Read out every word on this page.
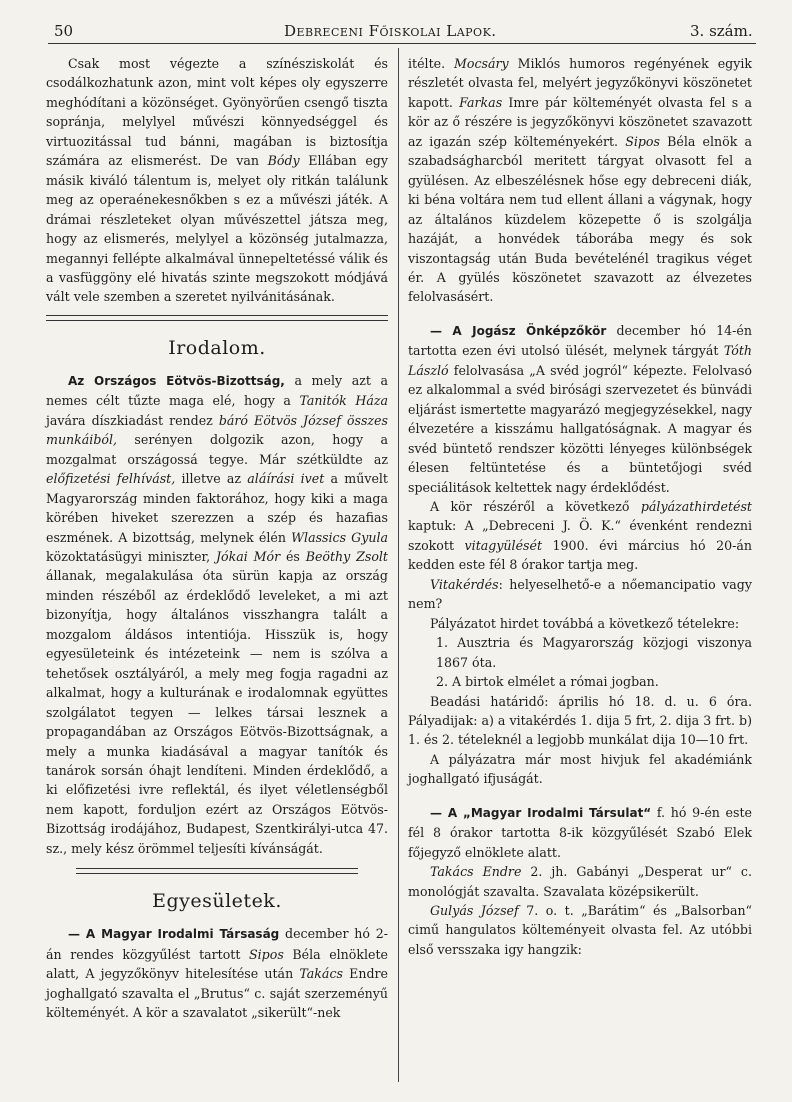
50	Debreceni Főiskolai Lapok.	3. szám.

Csak most végezte a színésziskolát és csodálkozhatunk azon, mint volt képes oly egyszerre meghódítani a közönséget. Gyönyörűen csengő tiszta sopránja, melylyel művészi könnyedséggel és virtuozitással tud bánni, magában is biztosítja számára az elismerést. De van Bódy Ellában egy másik kiváló tálentum is, melyet oly ritkán találunk meg az operaénekesnőkben s ez a művészi játék. A drámai részleteket olyan művészettel játsza meg, hogy az elismerés, melylyel a közönség jutalmazza, megannyi fellépte alkalmával ünnepeltetéssé válik és a vasfüggöny elé hivatás szinte megszokott módjává vált vele szemben a szeretet nyilvánitásának.

Irodalom.

Az Országos Eötvös-Bizottság, a mely azt a nemes célt tűzte maga elé, hogy a Tanitók Háza javára díszkiadást rendez báró Eötvös József összes munkáiból, serényen dolgozik azon, hogy a mozgalmat országossá tegye. Már szétküldte az előfizetési felhívást, illetve az aláírási ivet a művelt Magyarország minden faktorához, hogy kiki a maga körében hiveket szerezzen a szép és hazafias eszmének. A bizottság, melynek élén Wlassics Gyula közoktatásügyi miniszter, Jókai Mór és Beöthy Zsolt állanak, megalakulása óta sürün kapja az ország minden részéből az érdeklődő leveleket, a mi azt bizonyítja, hogy általános visszhangra talált a mozgalom áldásos intentiója. Hisszük is, hogy egyesületeink és intézeteink — nem is szólva a tehetősek osztályáról, a mely meg fogja ragadni az alkalmat, hogy a kulturának e irodalomnak együttes szolgálatot tegyen — lelkes társai lesznek a propagandában az Országos Eötvös-Bizottságnak, a mely a munka kiadásával a magyar tanítók és tanárok sorsán óhajt lendíteni. Minden érdeklődő, a ki előfizetési ivre reflektál, és ilyet véletlenségből nem kapott, forduljon ezért az Országos Eötvös-Bizottság irodájához, Budapest, Szentkirályi-utca 47. sz., mely kész örömmel teljesíti kívánságát.

Egyesületek.

— A Magyar Irodalmi Társaság december hó 2-án rendes közgyűlést tartott Sipos Béla elnöklete alatt, A jegyzőkönyv hitelesítése után Takács Endre joghallgató szavalta el „Brutus“ c. saját szerzeményű költeményét. A kör a szavalatot „sikerült“-nek

itélte. Mocsáry Miklós humoros regényének egyik részletét olvasta fel, melyért jegyzőkönyvi köszönetet kapott. Farkas Imre pár költeményét olvasta fel s a kör az ő részére is jegyzőkönyvi köszönetet szavazott az igazán szép költeményekért. Sipos Béla elnök a szabadságharcból meritett tárgyat olvasott fel a gyülésen. Az elbeszélésnek hőse egy debreceni diák, ki béna voltára nem tud ellent állani a vágynak, hogy az általános küzdelem közepette ő is szolgálja hazáját, a honvédek táborába megy és sok viszontagság után Buda bevételénél tragikus véget ér. A gyülés köszönetet szavazott az élvezetes felolvasásért.

— A Jogász Önképzőkör december hó 14-én tartotta ezen évi utolsó ülését, melynek tárgyát Tóth László felolvasása „A svéd jogról“ képezte. Felolvasó ez alkalommal a svéd birósági szervezetet és bünvádi eljárást ismertette magyarázó megjegyzésekkel, nagy élvezetére a kisszámu hallgatóságnak. A magyar és svéd büntető rendszer közötti lényeges különbségek élesen feltüntetése és a büntetőjogi svéd speciálitások keltettek nagy érdeklődést.

A kör részéről a következő pályázathirdetést kaptuk: A „Debreceni J. Ö. K.“ évenként rendezni szokott vitagyülését 1900. évi március hó 20-án kedden este fél 8 órakor tartja meg.

Vitakérdés: helyeselhető-e a nőemancipatio vagy nem?

Pályázatot hirdet továbbá a következő tételekre:

1. Ausztria és Magyarország közjogi viszonya 1867 óta.

2. A birtok elmélet a római jogban.

Beadási határidő: április hó 18. d. u. 6 óra. Pályadijak: a) a vitakérdés 1. dija 5 frt, 2. dija 3 frt. b) 1. és 2. tételeknél a legjobb munkálat dija 10—10 frt.

A pályázatra már most hivjuk fel akadémiánk joghallgató ifjuságát.

— A „Magyar Irodalmi Társulat“ f. hó 9-én este fél 8 órakor tartotta 8-ik közgyűlését Szabó Elek főjegyző elnöklete alatt.

Takács Endre 2. jh. Gabányi „Desperat ur“ c. monológját szavalta. Szavalata középsikerült.

Gulyás József 7. o. t. „Barátim“ és „Balsorban“ cimű hangulatos költeményeit olvasta fel. Az utóbbi első versszaka igy hangzik:
